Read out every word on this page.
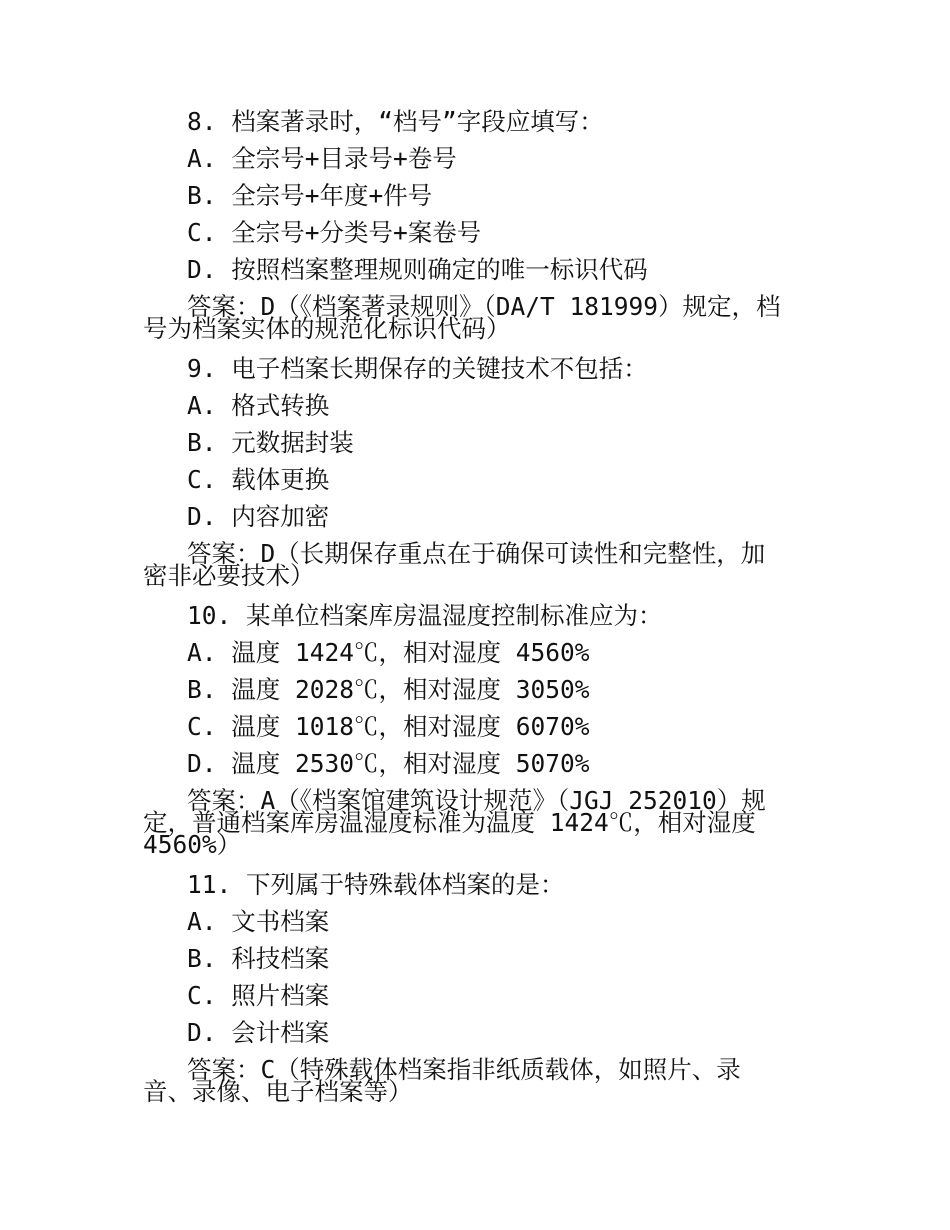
8. 档案著录时，“档号”字段应填写：
A. 全宗号+目录号+卷号
B. 全宗号+年度+件号
C. 全宗号+分类号+案卷号
D. 按照档案整理规则确定的唯一标识代码
答案：D（《档案著录规则》（DA/T 181999）规定，档号为档案实体的规范化标识代码）
9. 电子档案长期保存的关键技术不包括：
A. 格式转换
B. 元数据封装
C. 载体更换
D. 内容加密
答案：D（长期保存重点在于确保可读性和完整性，加密非必要技术）
10. 某单位档案库房温湿度控制标准应为：
A. 温度 1424℃，相对湿度 4560%
B. 温度 2028℃，相对湿度 3050%
C. 温度 1018℃，相对湿度 6070%
D. 温度 2530℃，相对湿度 5070%
答案：A（《档案馆建筑设计规范》（JGJ 252010）规定，普通档案库房温湿度标准为温度 1424℃，相对湿度 4560%）
11. 下列属于特殊载体档案的是：
A. 文书档案
B. 科技档案
C. 照片档案
D. 会计档案
答案：C（特殊载体档案指非纸质载体，如照片、录音、录像、电子档案等）
